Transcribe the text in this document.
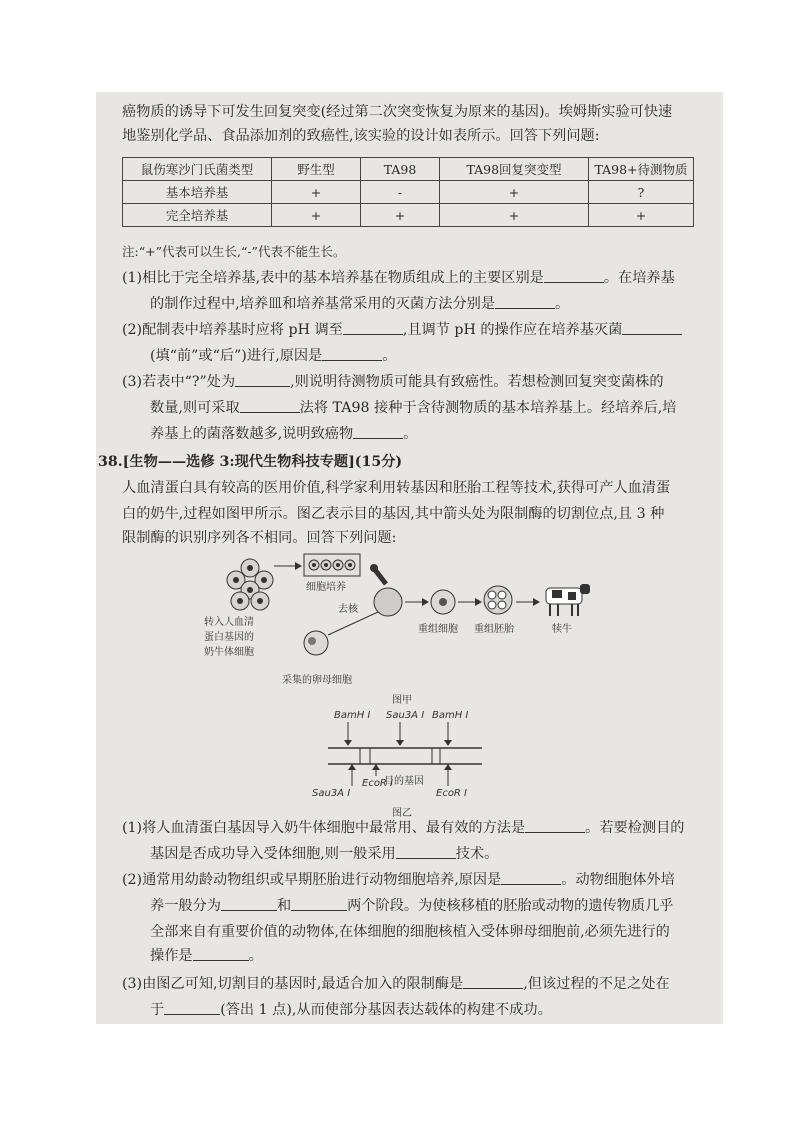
癌物质的诱导下可发生回复突变(经过第二次突变恢复为原来的基因)。埃姆斯实验可快速
地鉴别化学品、食品添加剂的致癌性,该实验的设计如表所示。回答下列问题:
鼠伤寒沙门氏菌类型	野生型	TA98	TA98回复突变型	TA98+待测物质
基本培养基	+	-	+	?
完全培养基	+	+	+	+
注:“+”代表可以生长,“-”代表不能生长。
(1)相比于完全培养基,表中的基本培养基在物质组成上的主要区别是	。在培养基
的制作过程中,培养皿和培养基常采用的灭菌方法分别是	。
(2)配制表中培养基时应将 pH 调至	,且调节 pH 的操作应在培养基灭菌
(填“前”或“后”)进行,原因是	。
(3)若表中“?”处为	,则说明待测物质可能具有致癌性。若想检测回复突变菌株的
数量,则可采取	法将 TA98 接种于含待测物质的基本培养基上。经培养后,培
养基上的菌落数越多,说明致癌物	。
38.[生物——选修 3:现代生物科技专题](15分)
人血清蛋白具有较高的医用价值,科学家利用转基因和胚胎工程等技术,获得可产人血清蛋
白的奶牛,过程如图甲所示。图乙表示目的基因,其中箭头处为限制酶的切割位点,且 3 种
限制酶的识别序列各不相同。回答下列问题:
细胞培养
转入人血清
蛋白基因的
奶牛体细胞
去核
采集的卵母细胞
重组细胞 重组胚胎	犊牛
图甲
BamH Ⅰ Sau3A Ⅰ BamH Ⅰ
Sau3A Ⅰ
EcoR Ⅰ
目的基因
EcoR Ⅰ
图乙
(1)将人血清蛋白基因导入奶牛体细胞中最常用、最有效的方法是	。若要检测目的
基因是否成功导入受体细胞,则一般采用	技术。
(2)通常用幼龄动物组织或早期胚胎进行动物细胞培养,原因是	。动物细胞体外培
养一般分为	和	两个阶段。为使核移植的胚胎或动物的遗传物质几乎
全部来自有重要价值的动物体,在体细胞的细胞核植入受体卵母细胞前,必须先进行的
操作是	。
(3)由图乙可知,切割目的基因时,最适合加入的限制酶是	,但该过程的不足之处在
于	(答出 1 点),从而使部分基因表达载体的构建不成功。
